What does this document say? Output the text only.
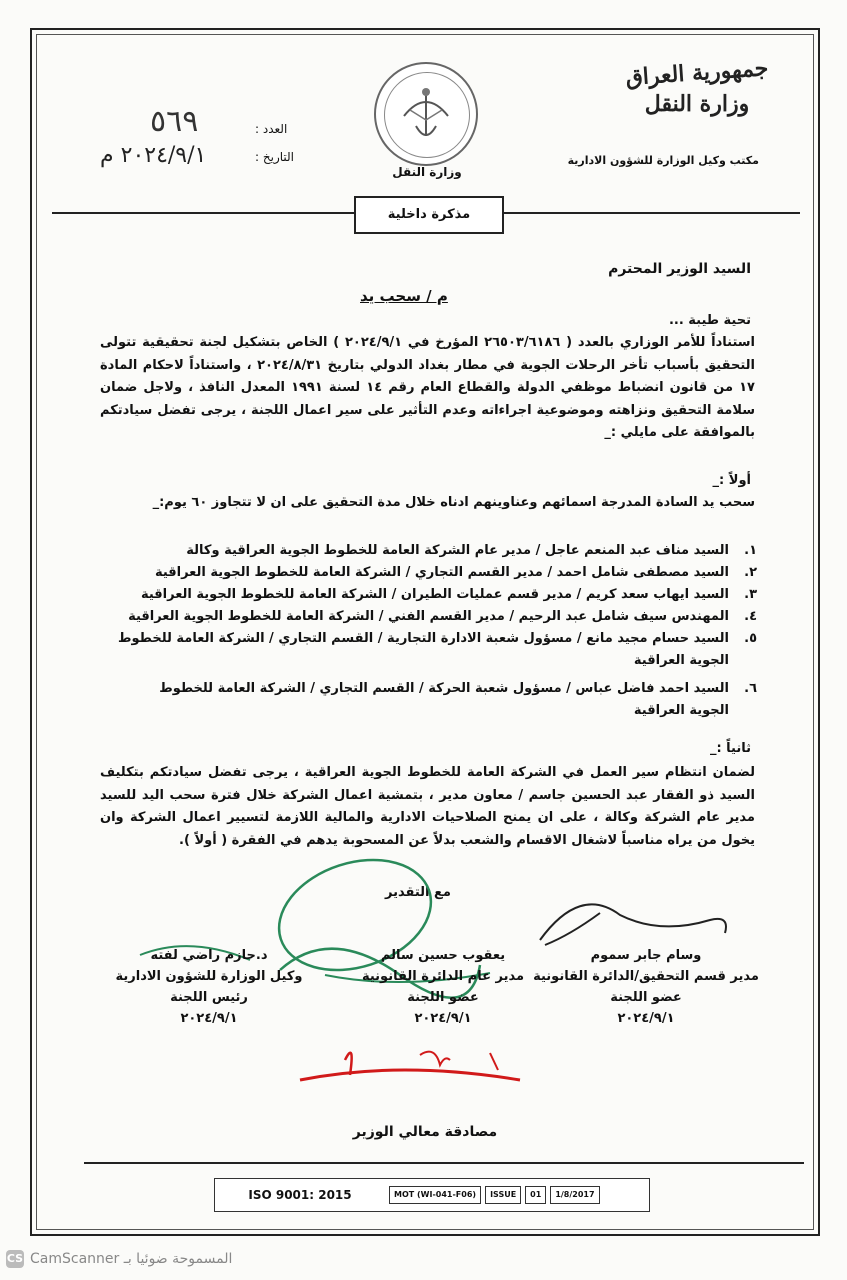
جمهورية العراق
وزارة النقل
مكتب وكيل الوزارة للشؤون الادارية
وزارة النقل
العدد :
٥٦٩
التاريخ :
٢٠٢٤/٩/١ م
مذكرة داخلية
السيد الوزير المحترم
م / سحب يد
تحية طيبة ...
استناداً للأمر الوزاري بالعدد ( ٢٦٥٠٣/٦١٨٦ المؤرخ في ٢٠٢٤/٩/١ ) الخاص بتشكيل لجنة تحقيقية تتولى التحقيق بأسباب تأخر الرحلات الجوية في مطار بغداد الدولي بتاريخ ٢٠٢٤/٨/٣١ ، واستناداً لاحكام المادة ١٧ من قانون انضباط موظفي الدولة والقطاع العام رقم ١٤ لسنة ١٩٩١ المعدل النافذ ، ولاجل ضمان سلامة التحقيق ونزاهته وموضوعية اجراءاته وعدم التأثير على سير اعمال اللجنة ، يرجى تفضل سيادتكم بالموافقة على مايلي :_
أولاً :_
سحب يد السادة المدرجة اسمائهم وعناوينهم ادناه خلال مدة التحقيق على ان لا تتجاوز ٦٠ يوم:_
١.
السيد مناف عبد المنعم عاجل / مدير عام الشركة العامة للخطوط الجوية العراقية وكالة
٢.
السيد مصطفى شامل احمد / مدير القسم التجاري / الشركة العامة للخطوط الجوية العراقية
٣.
السيد ايهاب سعد كريم / مدير قسم عمليات الطيران / الشركة العامة للخطوط الجوية العراقية
٤.
المهندس سيف شامل عبد الرحيم / مدير القسم الفني / الشركة العامة للخطوط الجوية العراقية
٥.
السيد حسام مجيد مانع / مسؤول شعبة الادارة التجارية / القسم التجاري / الشركة العامة للخطوط الجوية العراقية
٦.
السيد احمد فاضل عباس / مسؤول شعبة الحركة / القسم التجاري / الشركة العامة للخطوط الجوية العراقية
ثانياً :_
لضمان انتظام سير العمل في الشركة العامة للخطوط الجوية العراقية ، يرجى تفضل سيادتكم بتكليف السيد ذو الفقار عبد الحسين جاسم / معاون مدير ، بتمشية اعمال الشركة خلال فترة سحب اليد للسيد مدير عام الشركة وكالة ، على ان يمنح الصلاحيات الادارية والمالية اللازمة لتسيير اعمال الشركة وان يخول من يراه مناسباً لاشغال الاقسام والشعب بدلاً عن المسحوبة يدهم في الفقرة ( أولاً ).
مع التقدير
وسام جابر سموم
مدير قسم التحقيق/الدائرة القانونية
عضو اللجنة
٢٠٢٤/٩/١
يعقوب حسين سالم
مدير عام الدائرة القانونية
عضو اللجنة
٢٠٢٤/٩/١
د.حازم راضي لفته
وكيل الوزارة للشؤون الادارية
رئيس اللجنة
٢٠٢٤/٩/١
مصادقة معالي الوزير
ISO 9001: 2015	MOT (WI-041-F06)	ISSUE	01	1/8/2017
CS CamScanner المسموحة ضوئيا بـ
